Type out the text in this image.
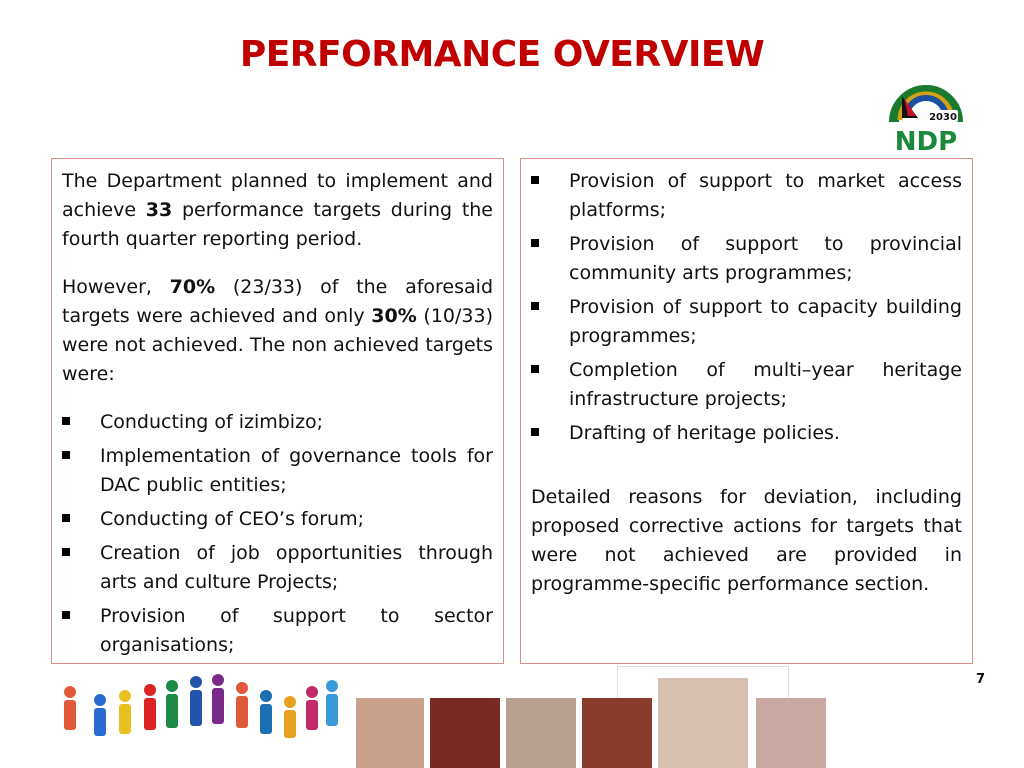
PERFORMANCE OVERVIEW
2030
NDP

The Department planned to implement and achieve 33 performance targets during the fourth quarter reporting period.

However, 70% (23/33) of the aforesaid targets were achieved and only 30% (10/33) were not achieved. The non achieved targets were:

Conducting of izimbizo;
Implementation of governance tools for DAC public entities;
Conducting of CEO’s forum;
Creation of job opportunities through arts and culture Projects;
Provision of support to sector organisations;
Provision of support to market access platforms;
Provision of support to provincial community arts programmes;
Provision of support to capacity building programmes;
Completion of multi–year heritage infrastructure projects;
Drafting of heritage policies.

Detailed reasons for deviation, including proposed corrective actions for targets that were not achieved are provided in programme-specific performance section.

7
